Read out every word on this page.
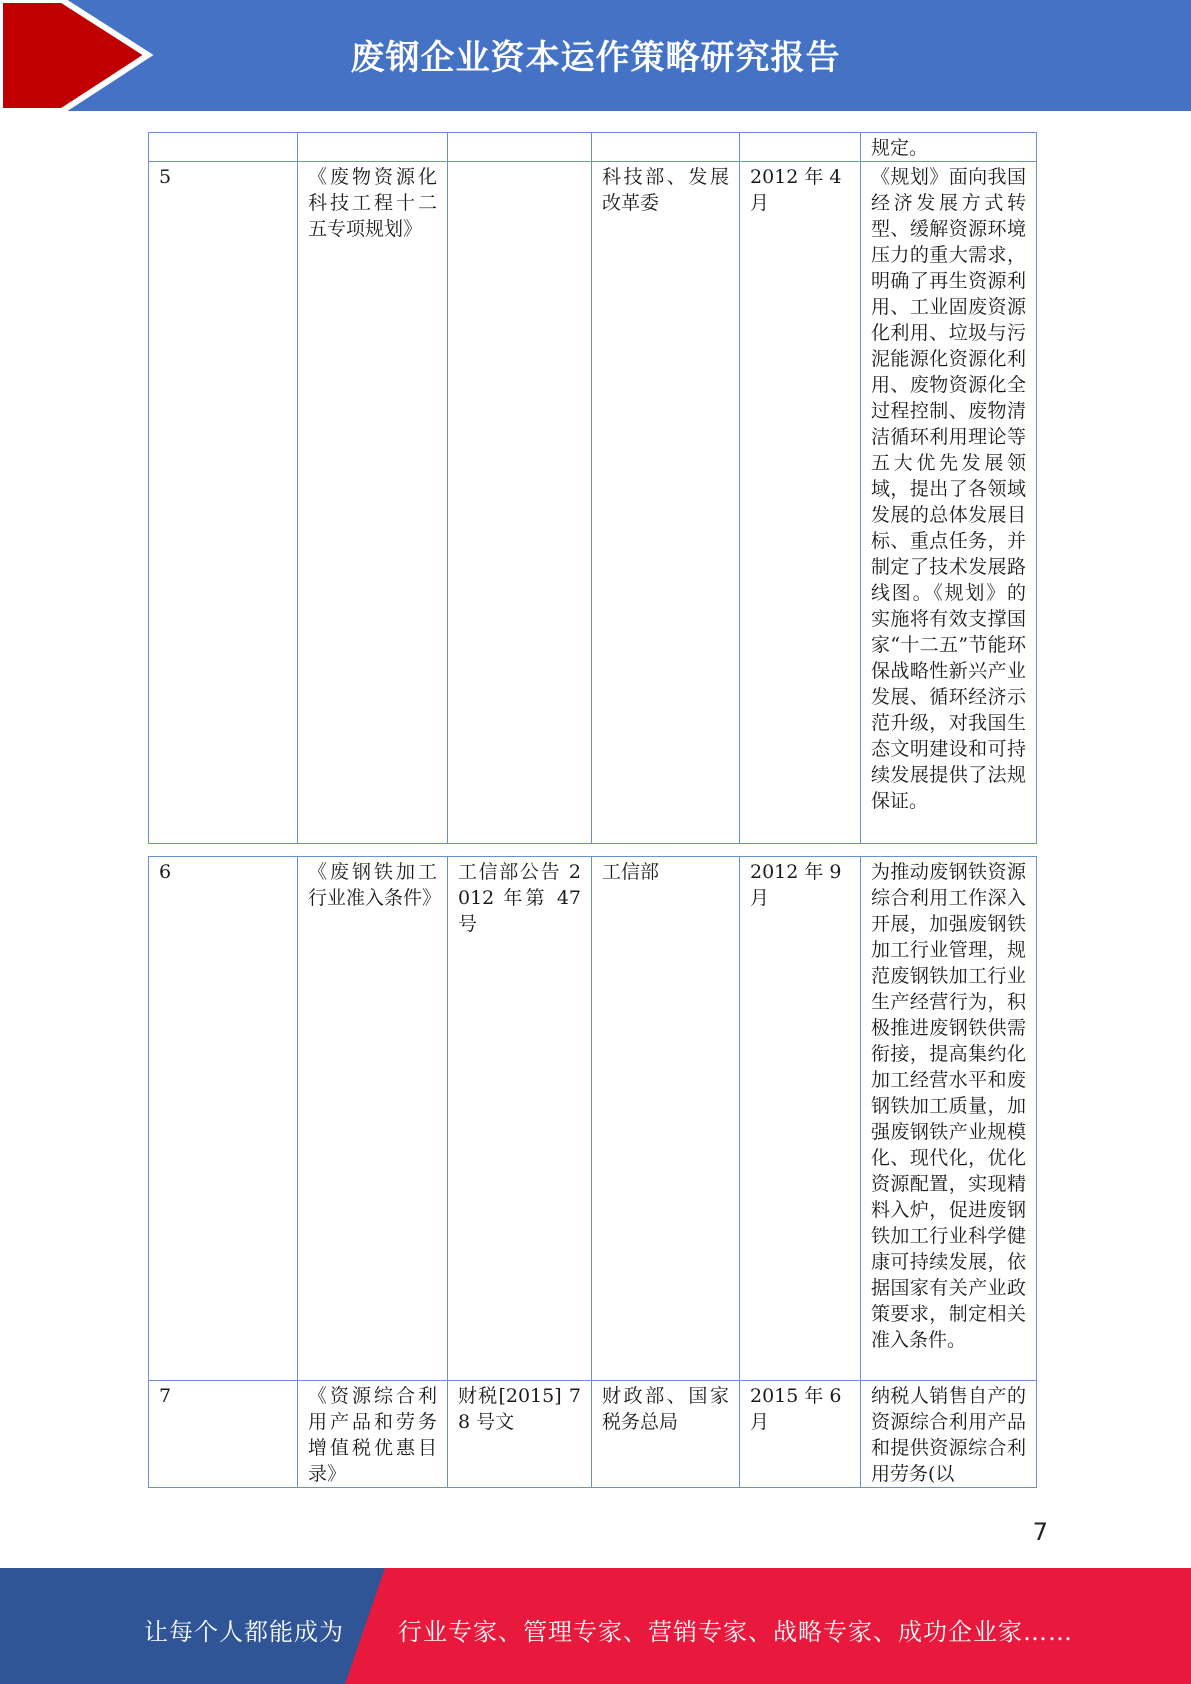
废钢企业资本运作策略研究报告
					规定。
5	《废物资源化科技工程十二五专项规划》		科技部、发展改革委	2012 年 4 月	《规划》面向我国经济发展方式转型、缓解资源环境压力的重大需求，明确了再生资源利用、工业固废资源化利用、垃圾与污泥能源化资源化利用、废物资源化全过程控制、废物清洁循环利用理论等五大优先发展领域，提出了各领域发展的总体发展目标、重点任务，并制定了技术发展路线图。《规划》的实施将有效支撑国家“十二五”节能环保战略性新兴产业发展、循环经济示范升级，对我国生态文明建设和可持续发展提供了法规保证。
6	《废钢铁加工行业准入条件》	工信部公告 2012 年第 47 号	工信部	2012 年 9 月	为推动废钢铁资源综合利用工作深入开展，加强废钢铁加工行业管理，规范废钢铁加工行业生产经营行为，积极推进废钢铁供需衔接，提高集约化加工经营水平和废钢铁加工质量，加强废钢铁产业规模化、现代化，优化资源配置，实现精料入炉，促进废钢铁加工行业科学健康可持续发展，依据国家有关产业政策要求，制定相关准入条件。
7	《资源综合利用产品和劳务增值税优惠目录》	财税[2015] 78 号文	财政部、国家税务总局	2015 年 6 月	纳税人销售自产的资源综合利用产品和提供资源综合利用劳务(以
7
让每个人都能成为 行业专家、管理专家、营销专家、战略专家、成功企业家……
